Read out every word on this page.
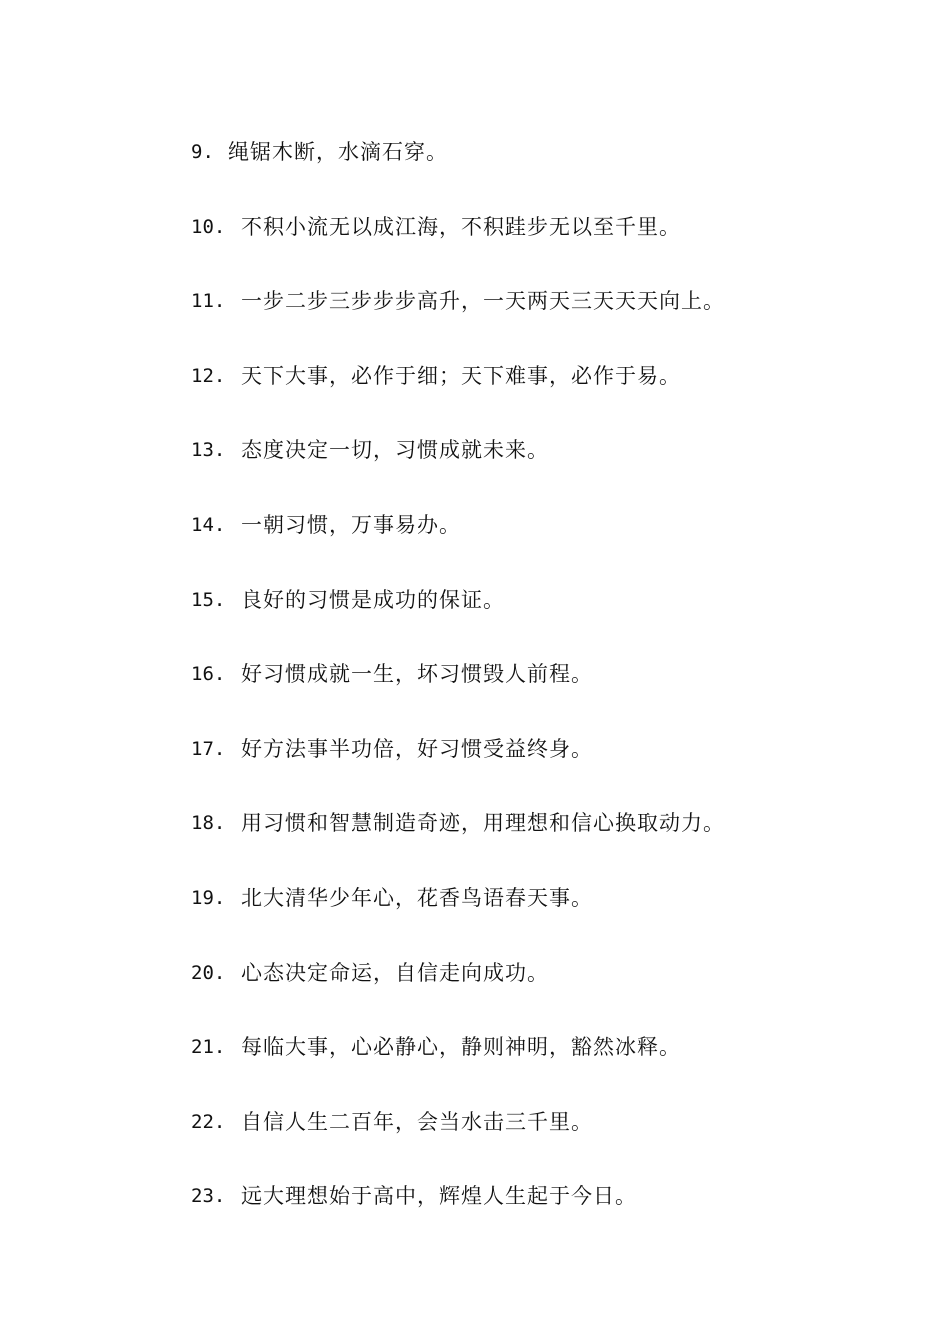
9. 绳锯木断，水滴石穿。
10. 不积小流无以成江海，不积跬步无以至千里。
11. 一步二步三步步步高升，一天两天三天天天向上。
12. 天下大事，必作于细；天下难事，必作于易。
13. 态度决定一切，习惯成就未来。
14. 一朝习惯，万事易办。
15. 良好的习惯是成功的保证。
16. 好习惯成就一生，坏习惯毁人前程。
17. 好方法事半功倍，好习惯受益终身。
18. 用习惯和智慧制造奇迹，用理想和信心换取动力。
19. 北大清华少年心，花香鸟语春天事。
20. 心态决定命运，自信走向成功。
21. 每临大事，心必静心，静则神明，豁然冰释。
22. 自信人生二百年，会当水击三千里。
23. 远大理想始于高中，辉煌人生起于今日。
